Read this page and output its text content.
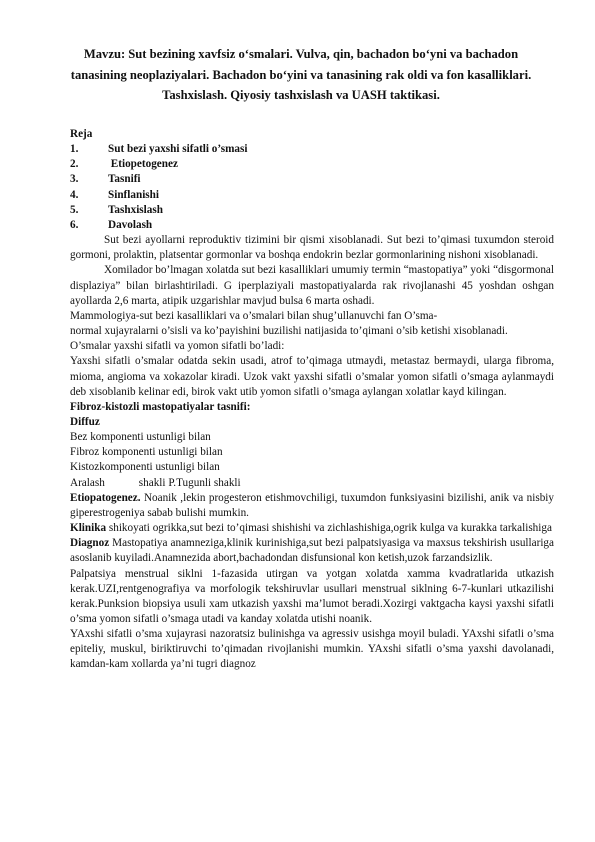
Mavzu: Sut bezining xavfsiz o‘smalari. Vulva, qin, bachadon bo‘yni va bachadon tanasining neoplaziyalari. Bachadon bo‘yini va tanasining rak oldi va fon kasalliklari. Tashxislash. Qiyosiy tashxislash va UASH taktikasi.

Reja

1.	Sut bezi yaxshi sifatli o’smasi
2.	Etiopetogenez
3.	Tasnifi
4.	Sinflanishi
5.	Tashxislash
6.	Davolash

Sut bezi ayollarni reproduktiv tizimini bir qismi xisoblanadi. Sut bezi to’qimasi tuxumdon steroid gormoni, prolaktin, platsentar gormonlar va boshqa endokrin bezlar gormonlarining nishoni xisoblanadi.

Xomilador bo’lmagan xolatda sut bezi kasalliklari umumiy termin “mastopatiya” yoki “disgormonal displaziya” bilan birlashtiriladi. G iperplaziyali mastopatiyalarda rak rivojlanashi 45 yoshdan oshgan ayollarda 2,6 marta, atipik uzgarishlar mavjud bulsa 6 marta oshadi.

Mammologiya-sut bezi kasalliklari va o’smalari bilan shug’ullanuvchi fan O’sma-

normal xujayralarni o’sisli va ko’payishini buzilishi natijasida to’qimani o’sib ketishi xisoblanadi.

O’smalar yaxshi sifatli va yomon sifatli bo’ladi:

Yaxshi sifatli o’smalar odatda sekin usadi, atrof to’qimaga utmaydi, metastaz bermaydi, ularga fibroma, mioma, angioma va xokazolar kiradi. Uzok vakt yaxshi sifatli o’smalar yomon sifatli o’smaga aylanmaydi deb xisoblanib kelinar edi, birok vakt utib yomon sifatli o’smaga aylangan xolatlar kayd kilingan.

Fibroz-kistozli mastopatiyalar tasnifi:

Diffuz

Bez komponenti ustunligi bilan

Fibroz komponenti ustunligi bilan

Kistozkomponenti ustunligi bilan

Aralash	shakli P.Tugunli shakli

Etiopatogenez. Noanik ,lekin progesteron etishmovchiligi, tuxumdon funksiyasini bizilishi, anik va nisbiy giperestrogeniya sabab bulishi mumkin.

Klinika shikoyati ogrikka,sut bezi to’qimasi shishishi va zichlashishiga,ogrik kulga va kurakka tarkalishiga

Diagnoz Mastopatiya anamneziga,klinik kurinishiga,sut bezi palpatsiyasiga va maxsus tekshirish usullariga asoslanib kuyiladi.Anamnezida abort,bachadondan disfunsional kon ketish,uzok farzandsizlik.

Palpatsiya menstrual siklni 1-fazasida utirgan va yotgan xolatda xamma kvadratlarida utkazish kerak.UZI,rentgenografiya va morfologik tekshiruvlar usullari menstrual siklning 6-7-kunlari utkazilishi kerak.Punksion biopsiya usuli xam utkazish yaxshi ma’lumot beradi.Xozirgi vaktgacha kaysi yaxshi sifatli o’sma yomon sifatli o’smaga utadi va kanday xolatda utishi noanik.

YAxshi sifatli o’sma xujayrasi nazoratsiz bulinishga va agressiv usishga moyil buladi. YAxshi sifatli o’sma epiteliy, muskul, biriktiruvchi to’qimadan rivojlanishi mumkin. YAxshi sifatli o’sma yaxshi davolanadi, kamdan-kam xollarda ya’ni tugri diagnoz
